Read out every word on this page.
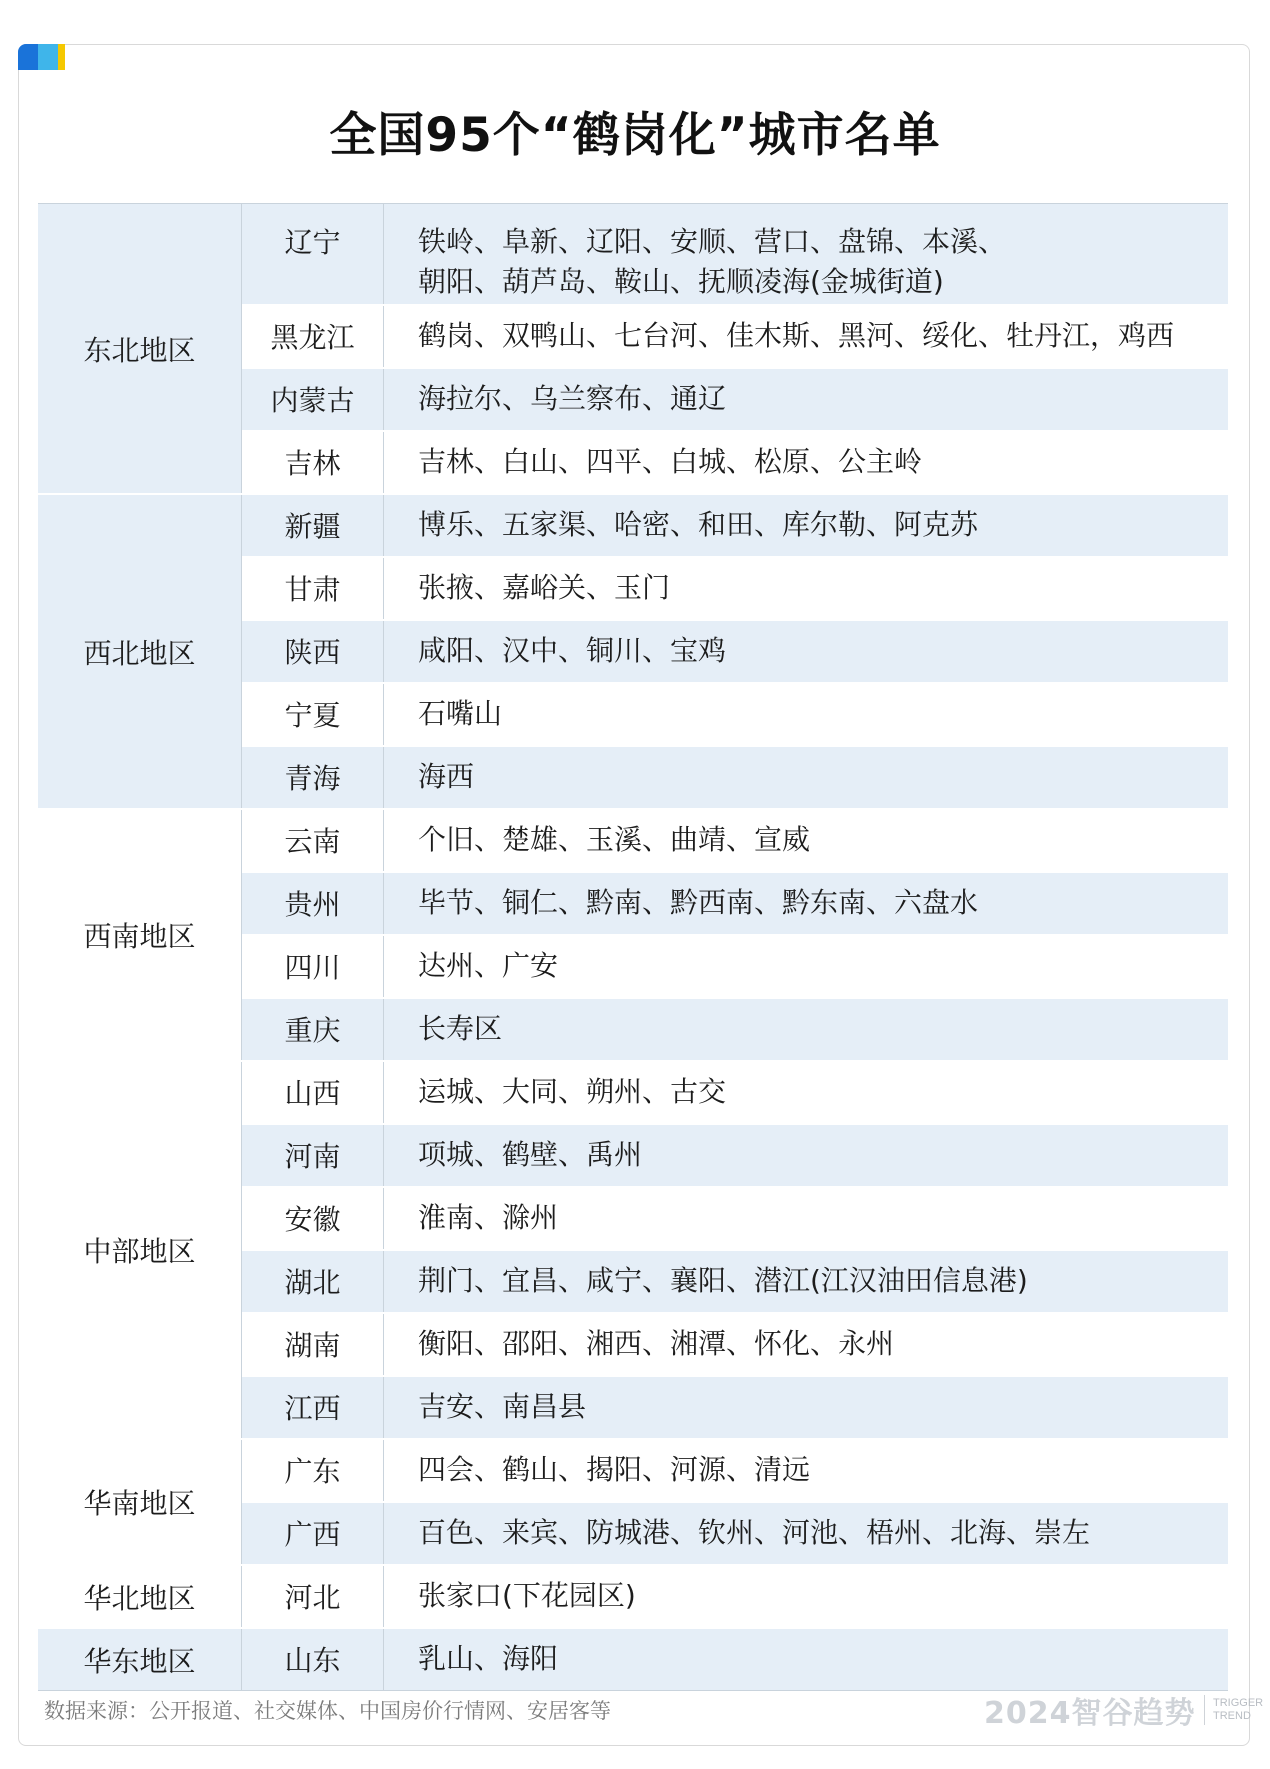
全国95个“鹤岗化”城市名单
东北地区
辽宁	铁岭、阜新、辽阳、安顺、营口、盘锦、本溪、
朝阳、葫芦岛、鞍山、抚顺凌海(金城街道)
黑龙江	鹤岗、双鸭山、七台河、佳木斯、黑河、绥化、牡丹江，鸡西
内蒙古	海拉尔、乌兰察布、通辽
吉林	吉林、白山、四平、白城、松原、公主岭
西北地区
新疆	博乐、五家渠、哈密、和田、库尔勒、阿克苏
甘肃	张掖、嘉峪关、玉门
陕西	咸阳、汉中、铜川、宝鸡
宁夏	石嘴山
青海	海西
西南地区
云南	个旧、楚雄、玉溪、曲靖、宣威
贵州	毕节、铜仁、黔南、黔西南、黔东南、六盘水
四川	达州、广安
重庆	长寿区
中部地区
山西	运城、大同、朔州、古交
河南	项城、鹤壁、禹州
安徽	淮南、滁州
湖北	荆门、宜昌、咸宁、襄阳、潜江(江汉油田信息港)
湖南	衡阳、邵阳、湘西、湘潭、怀化、永州
江西	吉安、南昌县
华南地区
广东	四会、鹤山、揭阳、河源、清远
广西	百色、来宾、防城港、钦州、河池、梧州、北海、崇左
华北地区	河北	张家口(下花园区)
华东地区	山东	乳山、海阳
数据来源：公开报道、社交媒体、中国房价行情网、安居客等	2024智谷趋势 TRIGGER
TREND
